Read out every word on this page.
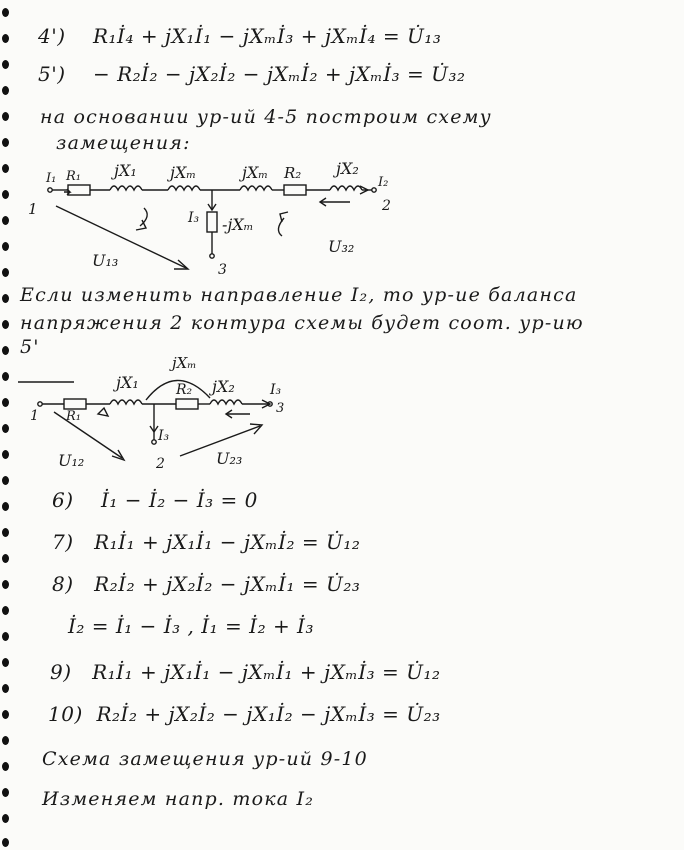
4') R₁İ₄ + jX₁İ₁ − jXₘİ₃ + jXₘİ₄ = U̇₁₃
5') − R₂İ₂ − jX₂İ₂ − jXₘİ₂ + jXₘİ₃ = U̇₃₂
на основании ур-ий 4-5 построим схему
замещения:
I₁ R₁ jX₁ jXₘ	jXₘ R₂ jX₂
I₂
1	2
I₃ -jXₘ
3
U₁₃
U₃₂
Если изменить направление I₂, то ур-ие баланса
напряжения 2 контура схемы будет соот. ур-ию
5'
jXₘ
jX₁	R₂ jX₂	I₃
3
R₁
1
I₃
2
U₁₂	U₂₃
6) İ₁ − İ₂ − İ₃ = 0
7) R₁İ₁ + jX₁İ₁ − jXₘİ₂ = U̇₁₂
8) R₂İ₂ + jX₂İ₂ − jXₘİ₁ = U̇₂₃
İ₂ = İ₁ − İ₃ , İ₁ = İ₂ + İ₃
9) R₁İ₁ + jX₁İ₁ − jXₘİ₁ + jXₘİ₃ = U̇₁₂
10) R₂İ₂ + jX₂İ₂ − jX₁İ₂ − jXₘİ₃ = U̇₂₃
Схема замещения ур-ий 9-10
Изменяем напр. тока I₂
